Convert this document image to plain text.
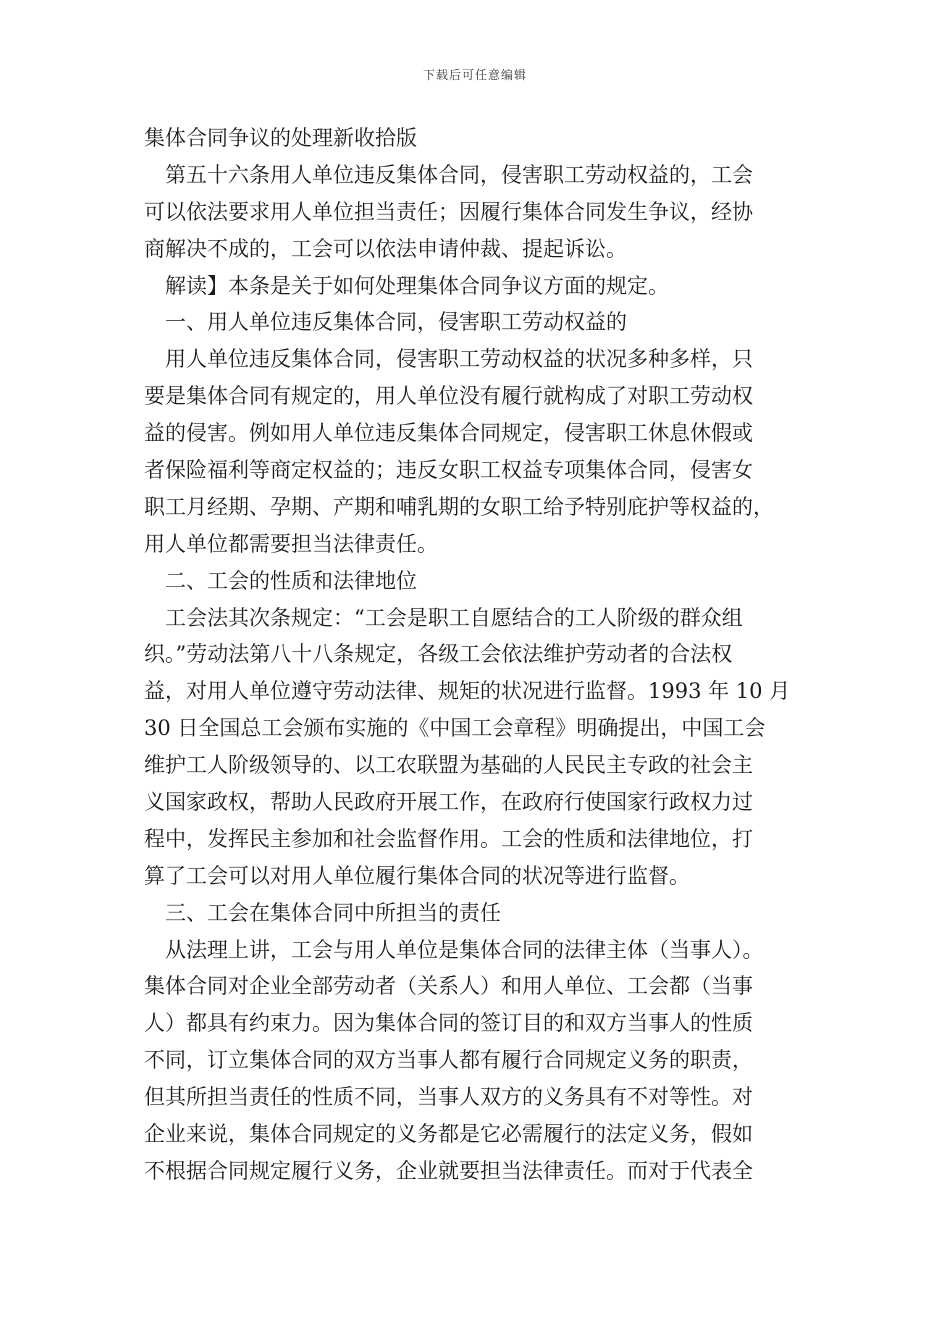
下载后可任意编辑
集体合同争议的处理新收拾版
第五十六条用人单位违反集体合同，侵害职工劳动权益的，工会
可以依法要求用人单位担当责任；因履行集体合同发生争议，经协
商解决不成的，工会可以依法申请仲裁、提起诉讼。
解读】本条是关于如何处理集体合同争议方面的规定。
一、用人单位违反集体合同，侵害职工劳动权益的
用人单位违反集体合同，侵害职工劳动权益的状况多种多样，只
要是集体合同有规定的，用人单位没有履行就构成了对职工劳动权
益的侵害。例如用人单位违反集体合同规定，侵害职工休息休假或
者保险福利等商定权益的；违反女职工权益专项集体合同，侵害女
职工月经期、孕期、产期和哺乳期的女职工给予特别庇护等权益的，
用人单位都需要担当法律责任。
二、工会的性质和法律地位
工会法其次条规定：“工会是职工自愿结合的工人阶级的群众组
织。”劳动法第八十八条规定，各级工会依法维护劳动者的合法权
益，对用人单位遵守劳动法律、规矩的状况进行监督。1993 年 10 月
30 日全国总工会颁布实施的《中国工会章程》明确提出，中国工会
维护工人阶级领导的、以工农联盟为基础的人民民主专政的社会主
义国家政权，帮助人民政府开展工作，在政府行使国家行政权力过
程中，发挥民主参加和社会监督作用。工会的性质和法律地位，打
算了工会可以对用人单位履行集体合同的状况等进行监督。
三、工会在集体合同中所担当的责任
从法理上讲，工会与用人单位是集体合同的法律主体（当事人）。
集体合同对企业全部劳动者（关系人）和用人单位、工会都（当事
人）都具有约束力。因为集体合同的签订目的和双方当事人的性质
不同，订立集体合同的双方当事人都有履行合同规定义务的职责，
但其所担当责任的性质不同，当事人双方的义务具有不对等性。对
企业来说，集体合同规定的义务都是它必需履行的法定义务，假如
不根据合同规定履行义务，企业就要担当法律责任。而对于代表全
